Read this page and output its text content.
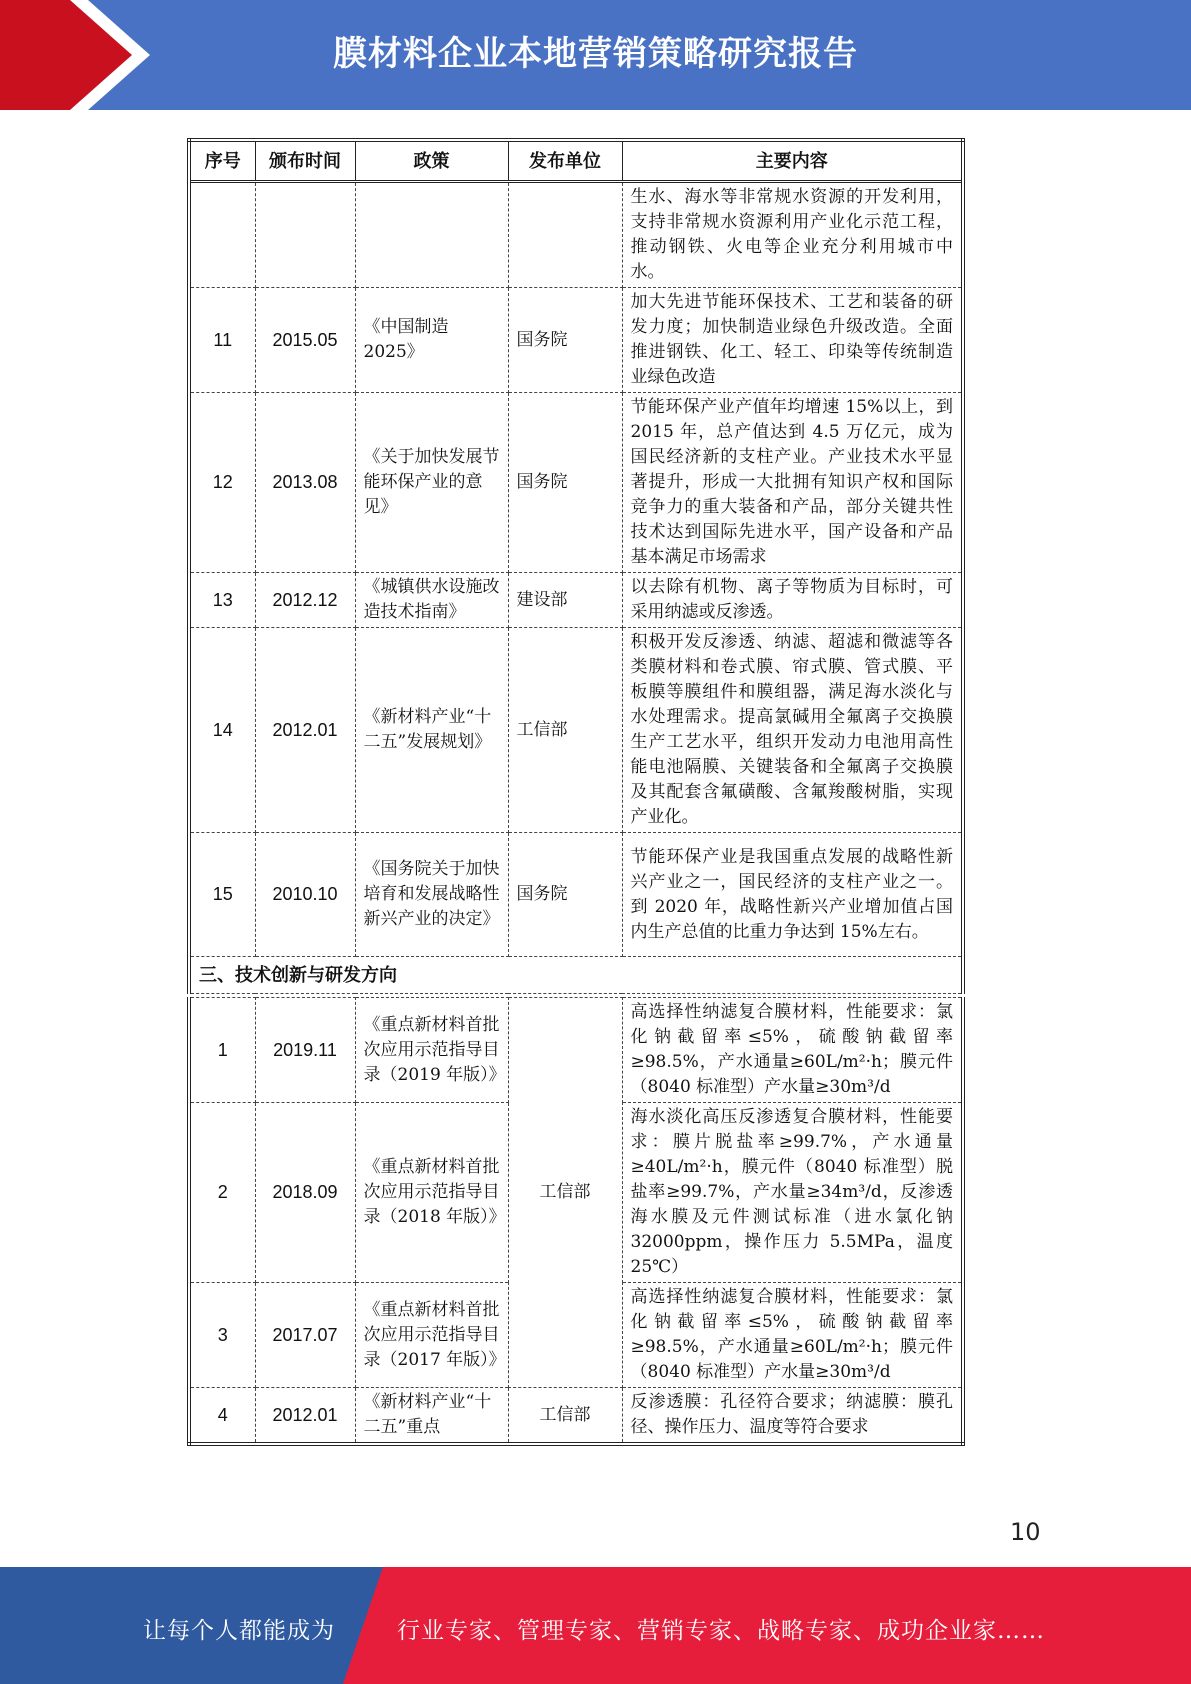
膜材料企业本地营销策略研究报告
序号	颁布时间	政策	发布单位	主要内容
				生水、海水等非常规水资源的开发利用，支持非常规水资源利用产业化示范工程，推动钢铁、火电等企业充分利用城市中水。
11	2015.05	《中国制造2025》	国务院	加大先进节能环保技术、工艺和装备的研发力度；加快制造业绿色升级改造。全面推进钢铁、化工、轻工、印染等传统制造业绿色改造
12	2013.08	《关于加快发展节能环保产业的意见》	国务院	节能环保产业产值年均增速 15%以上，到 2015 年，总产值达到 4.5 万亿元，成为国民经济新的支柱产业。产业技术水平显著提升，形成一大批拥有知识产权和国际竞争力的重大装备和产品，部分关键共性技术达到国际先进水平，国产设备和产品基本满足市场需求
13	2012.12	《城镇供水设施改造技术指南》	建设部	以去除有机物、离子等物质为目标时，可采用纳滤或反渗透。
14	2012.01	《新材料产业“十二五”发展规划》	工信部	积极开发反渗透、纳滤、超滤和微滤等各类膜材料和卷式膜、帘式膜、管式膜、平板膜等膜组件和膜组器，满足海水淡化与水处理需求。提高氯碱用全氟离子交换膜生产工艺水平，组织开发动力电池用高性能电池隔膜、关键装备和全氟离子交换膜及其配套含氟磺酸、含氟羧酸树脂，实现产业化。
15	2010.10	《国务院关于加快培育和发展战略性新兴产业的决定》	国务院	节能环保产业是我国重点发展的战略性新兴产业之一，国民经济的支柱产业之一。到 2020 年，战略性新兴产业增加值占国内生产总值的比重力争达到 15%左右。
三、技术创新与研发方向				
1	2019.11	《重点新材料首批次应用示范指导目录（2019 年版）》	工信部	高选择性纳滤复合膜材料，性能要求：氯化钠截留率≤5%，硫酸钠截留率≥98.5%，产水通量≥60L/m²·h；膜元件（8040 标准型）产水量≥30m³/d
2	2018.09	《重点新材料首批次应用示范指导目录（2018 年版）》		海水淡化高压反渗透复合膜材料，性能要求：膜片脱盐率≥99.7%，产水通量≥40L/m²·h，膜元件（8040 标准型）脱盐率≥99.7%，产水量≥34m³/d，反渗透海水膜及元件测试标准（进水氯化钠 32000ppm，操作压力 5.5MPa，温度 25℃）
3	2017.07	《重点新材料首批次应用示范指导目录（2017 年版）》		高选择性纳滤复合膜材料，性能要求：氯化钠截留率≤5%，硫酸钠截留率≥98.5%，产水通量≥60L/m²·h；膜元件（8040 标准型）产水量≥30m³/d
4	2012.01	《新材料产业“十二五”重点	工信部	反渗透膜：孔径符合要求；纳滤膜：膜孔径、操作压力、温度等符合要求
10
让每个人都能成为	行业专家、管理专家、营销专家、战略专家、成功企业家……
